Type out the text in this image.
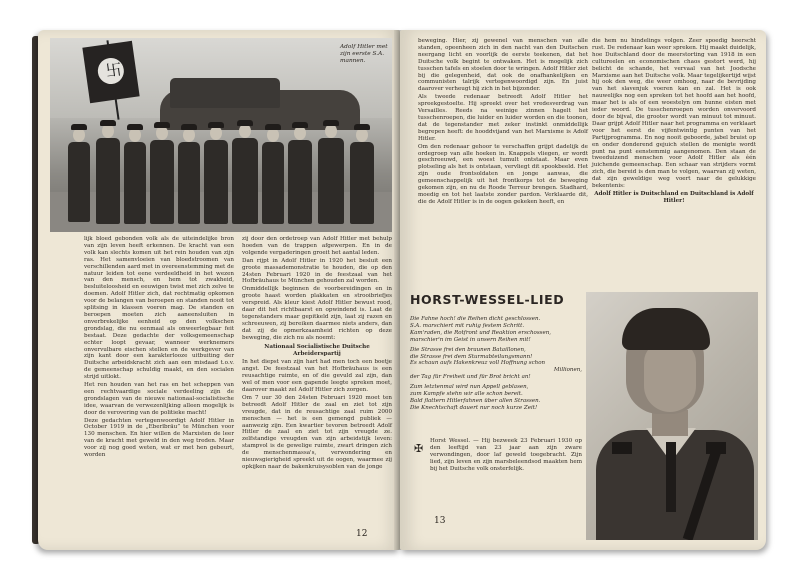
卐
Adolf Hitler met zijn eerste S.A. mannen.

lijk bloed gebonden volk als de uiteindelijke bron van zijn leven heeft erkennen. De kracht van een volk kan slechts komen uit het rein houden van zijn ras. Het samenvloeien van bloedstroomen van verschillenden aard met in overeenstemming met de natuur leiden tot eene verdeeldheid in het wezen van den mensch, en hem tot zwakheid, besluiteloosheid en eeuwigen twist met zich zelve te doemen. Adolf Hitler zich, dat rechtmatig opkomen voor de belangen van beroepen en standen nooit tot splitsing in klassen voeren mag. De standen en beroepen moeten zich aaneensluiten in onverbrekelijke eenheid op den volkschen grondslag, die nu eenmaal als onweerlegbaar feit bestaat. Deze gedachte der volksgemeenschap echter loopt gevaar, wanneer werknemers onvervulbare eischen stellen en de werkgever van zijn kant door een karakterlooze uitbuiting der Duitsche arbeidskracht zich aan een misdaad t.o.v. de gemeenschap schuldig maakt, en den socialen strijd uitlokt.

Het ren houden van het ras en het scheppen van een rechtvaardige sociale verdeeling zijn de grondslagen van de nieuwe nationaal-socialistische idee, waarvan de verwezenlijking alleen mogelijk is door de verovering van de politieke macht!

Deze gedachten vertegenwoordigt Adolf Hitler in October 1919 in de „Eberlbräu” te München voor 130 menschen. En hier willen de Marxisten de leer van de kracht met geweld in den weg treden. Maar voor zij nog goed weten, wat er met hen gebeurt, worden

zij door den ordetroep van Adolf Hitler met behulp hoeden van de trappen afgewerpen. En in de volgende vergaderingen groeit het aantal leden.

Dan rijpt in Adolf Hitler in 1920 het besluit een groote massademonstratie te houden, die op den 24sten Februari 1920 in de feestzaal van het Hofbräuhaus te München gehouden zal worden.

Onmiddellijk beginnen de voorbereidingen en in groote haast worden plakkaten en strooibriefjes verspreid. Als kleur kiest Adolf Hitler bewust rood, daar dit het richtbaarst en opwindend is. Laat de tegenstanders maar gepitkeld zijn, laat zij razen en schreeuwen, zij bereiken daarmee niets anders, dan dat zij de opmerkzaamheid richten op deze beweging, die zich nu als noemt:

Nationaal Socialistische Duitsche Arbeiderspartij

In het diepst van zijn hart had men toch een boetje angst. De feestzaal van het Hofbräuhaus is een reusachtige ruimte, en of die gevuld zal zijn, dan wel of men voor een gapende leegte spreken moet, daarover maakt zel Adolf Hitler zich zorgen.

Om 7 uur 30 den 24sten Februari 1920 moet ten betreedt Adolf Hitler de zaal en ziet tot zijn vreugde, dat in de reusachtige zaal ruim 2000 menschen — het is een gemengd publiek — aanwezig zijn. Een kwartier tevoren betreedt Adolf Hitler de zaal en ziet tot zijn vreugde ze. zelfstandige vreugden van zijn arbeidstijk leven: stampvol is de gewelige ruimte, zwart dringen zich de menschenmassa's, verwondering en nieuwsgierigheid spreekt uit de oogen, waarmee zij opkijken naar de bakenkruisysoblen van de jonge

12

beweging. Hier, zij gewenel van menschen van alle standen, opeenheen zich in den nacht van den Duitschen neergang licht en voorlijk de eerste teekenen, dat het Duitsche volk begint te ontwaken. Het is mogelijk zich tusschen tafels en stoelen door te wringen. Adolf Hitler ziet bij die gelegenheid, dat ook de onafhankelijken en communisten talrijk vertegenwoordigd zijn. En juist daarover verheugt hij zich in het bijzonder.

Als tweede redenaar betreedt Adolf Hitler het spreekgestoelte. Hij spreekt over het vredesverdrag van Versailles. Reeds na weinige zinnen hagelt het tusschenroepen, die luider en luider worden en die toonen, dat de tegenstander met zeker instinkt onmiddellijk begrepen heeft: de hooddvijand van het Marxisme is Adolf Hitler.

Om den redenaar gehoor te verschaffen grijpt dadelijk de ordegroep van alle hoeken in. Knappels vliegen, er wordt geschreeuwd, een woest tumult ontstaat. Maar even plotseling als het is ontstaan, vervliegt dit spookbeeld. Het zijn oude frontsoldaten en jonge aanwas, die gemeenschappelijk uit het frontkorps tot de beweging gekomen zijn, en nu de Roode Terreur brengen. Stadhard, moedig en tot het laatste zonder pardon. Verklaarde dit, die de Adolf Hitler is in de oogen gekeken heeft, en

die hem nu hindelings volgen. Zeer spoedig heerscht rust. De redenaar kan weer spreken. Hij maakt duidelijk, hoe Duitschland door de meerstorting van 1918 in een cultureelen en economischen chaos gestort werd, hij belicht de schande, het vervaal van het Joodsche Marxisme aan het Duitsche volk. Maar tegelijkertijd wijst hij ook den weg, die weer omhoog, naar de bevrijding van het slavenjuk voeren kan en zal. Het is ook nauwelijks nog een spreken tot het hoofd aan het hoofd, maar het is als of een woestelyn om hunne eisten met ieder woord. De tusschenroepen worden onvervoord door de bijval, die grooter wordt van minuut tot minuut. Daar grijpt Adolf Hitler naar het programma en verklaart voor het eerst de vijfentwintig punten van het Partijprogramma. En nog nooit geboorde, jabel bruist op en onder donderend gejuich stellen de menigte wordt punt na punt eenstemmig aangenomen. Den staan de tweeduizend menschen voor Adolf Hitler als één juichende gemeenschap. Een schaar van strijders vormt zich, die bereid is den man te volgen, waarvan zij weten, dat zijn geweldige weg voert naar de gelukkige bekentenis:

Adolf Hitler is Duitschland en Duitschland is Adolf Hitler!

HORST-WESSEL-LIED

Die Fahne hoch! die Reihen dicht geschlossen.
S.A. marschiert mit ruhig festem Schritt.
Kam'raden, die Rotfront und Reaktion erschossen,
marschier'n im Geist in unsern Reihen mit!

Die Strasse frei den braunen Bataillonen,
die Strasse frei dem Sturmabteilungsmann!
Es schaun aufs Hakenkreuz voll Hoffnung schon

Millionen,
der Tag für Freiheit und für Brot bricht an!

Zum letztenmal wird nun Appell geblasen,
zum Kampfe stehn wir alle schon bereit.
Bald flattern Hitlerfahnen über allen Strassen.
Die Knechtschaft dauert nur noch kurze Zeit!

✠
Horst Wessel. — Hij bezweek 23 Februari 1930 op den leeftijd van 23 jaar aan zijn zware verwondingen, door laf geweld toegebracht. Zijn lied, zijn leven en zijn marsbeleendsod maakten hem bij het Duitsche volk onsterfelijk.
13
